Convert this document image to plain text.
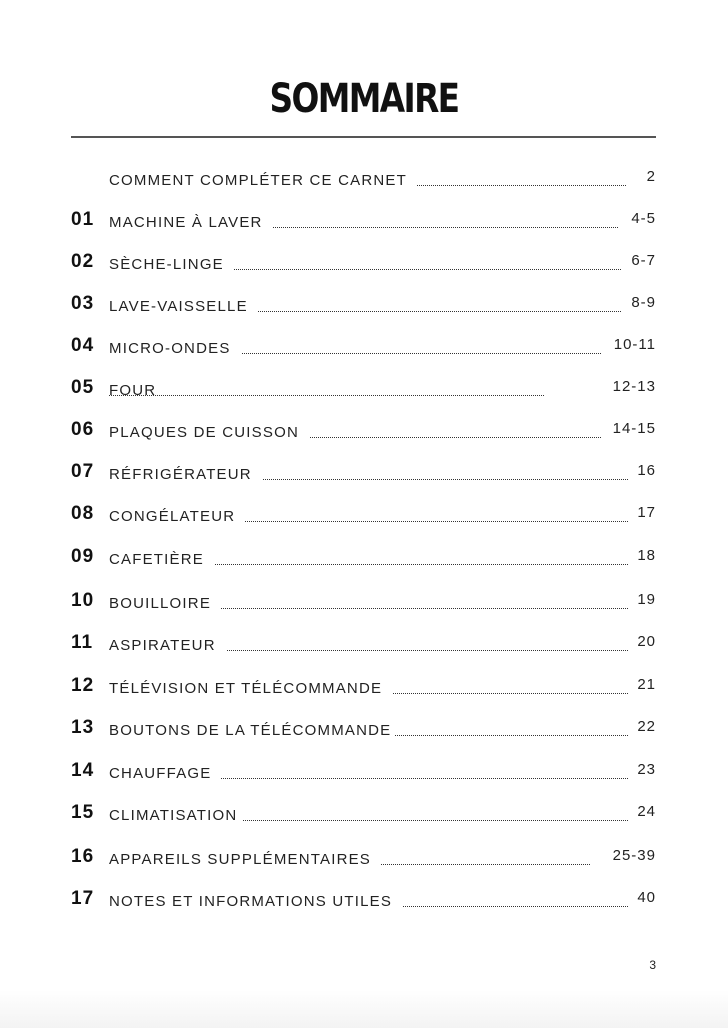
SOMMAIRE
COMMENT COMPLÉTER CE CARNET	2
01 MACHINE À LAVER	4-5
02 SÈCHE-LINGE	6-7
03 LAVE-VAISSELLE	8-9
04 MICRO-ONDES	10-11
05 FOUR	12-13
06 PLAQUES DE CUISSON	14-15
07 RÉFRIGÉRATEUR	16
08 CONGÉLATEUR	17
09 CAFETIÈRE	18
10 BOUILLOIRE	19
11 ASPIRATEUR	20
12 TÉLÉVISION ET TÉLÉCOMMANDE	21
13 BOUTONS DE LA TÉLÉCOMMANDE	22
14 CHAUFFAGE	23
15 CLIMATISATION	24
16 APPAREILS SUPPLÉMENTAIRES	25-39
17 NOTES ET INFORMATIONS UTILES	40
3
